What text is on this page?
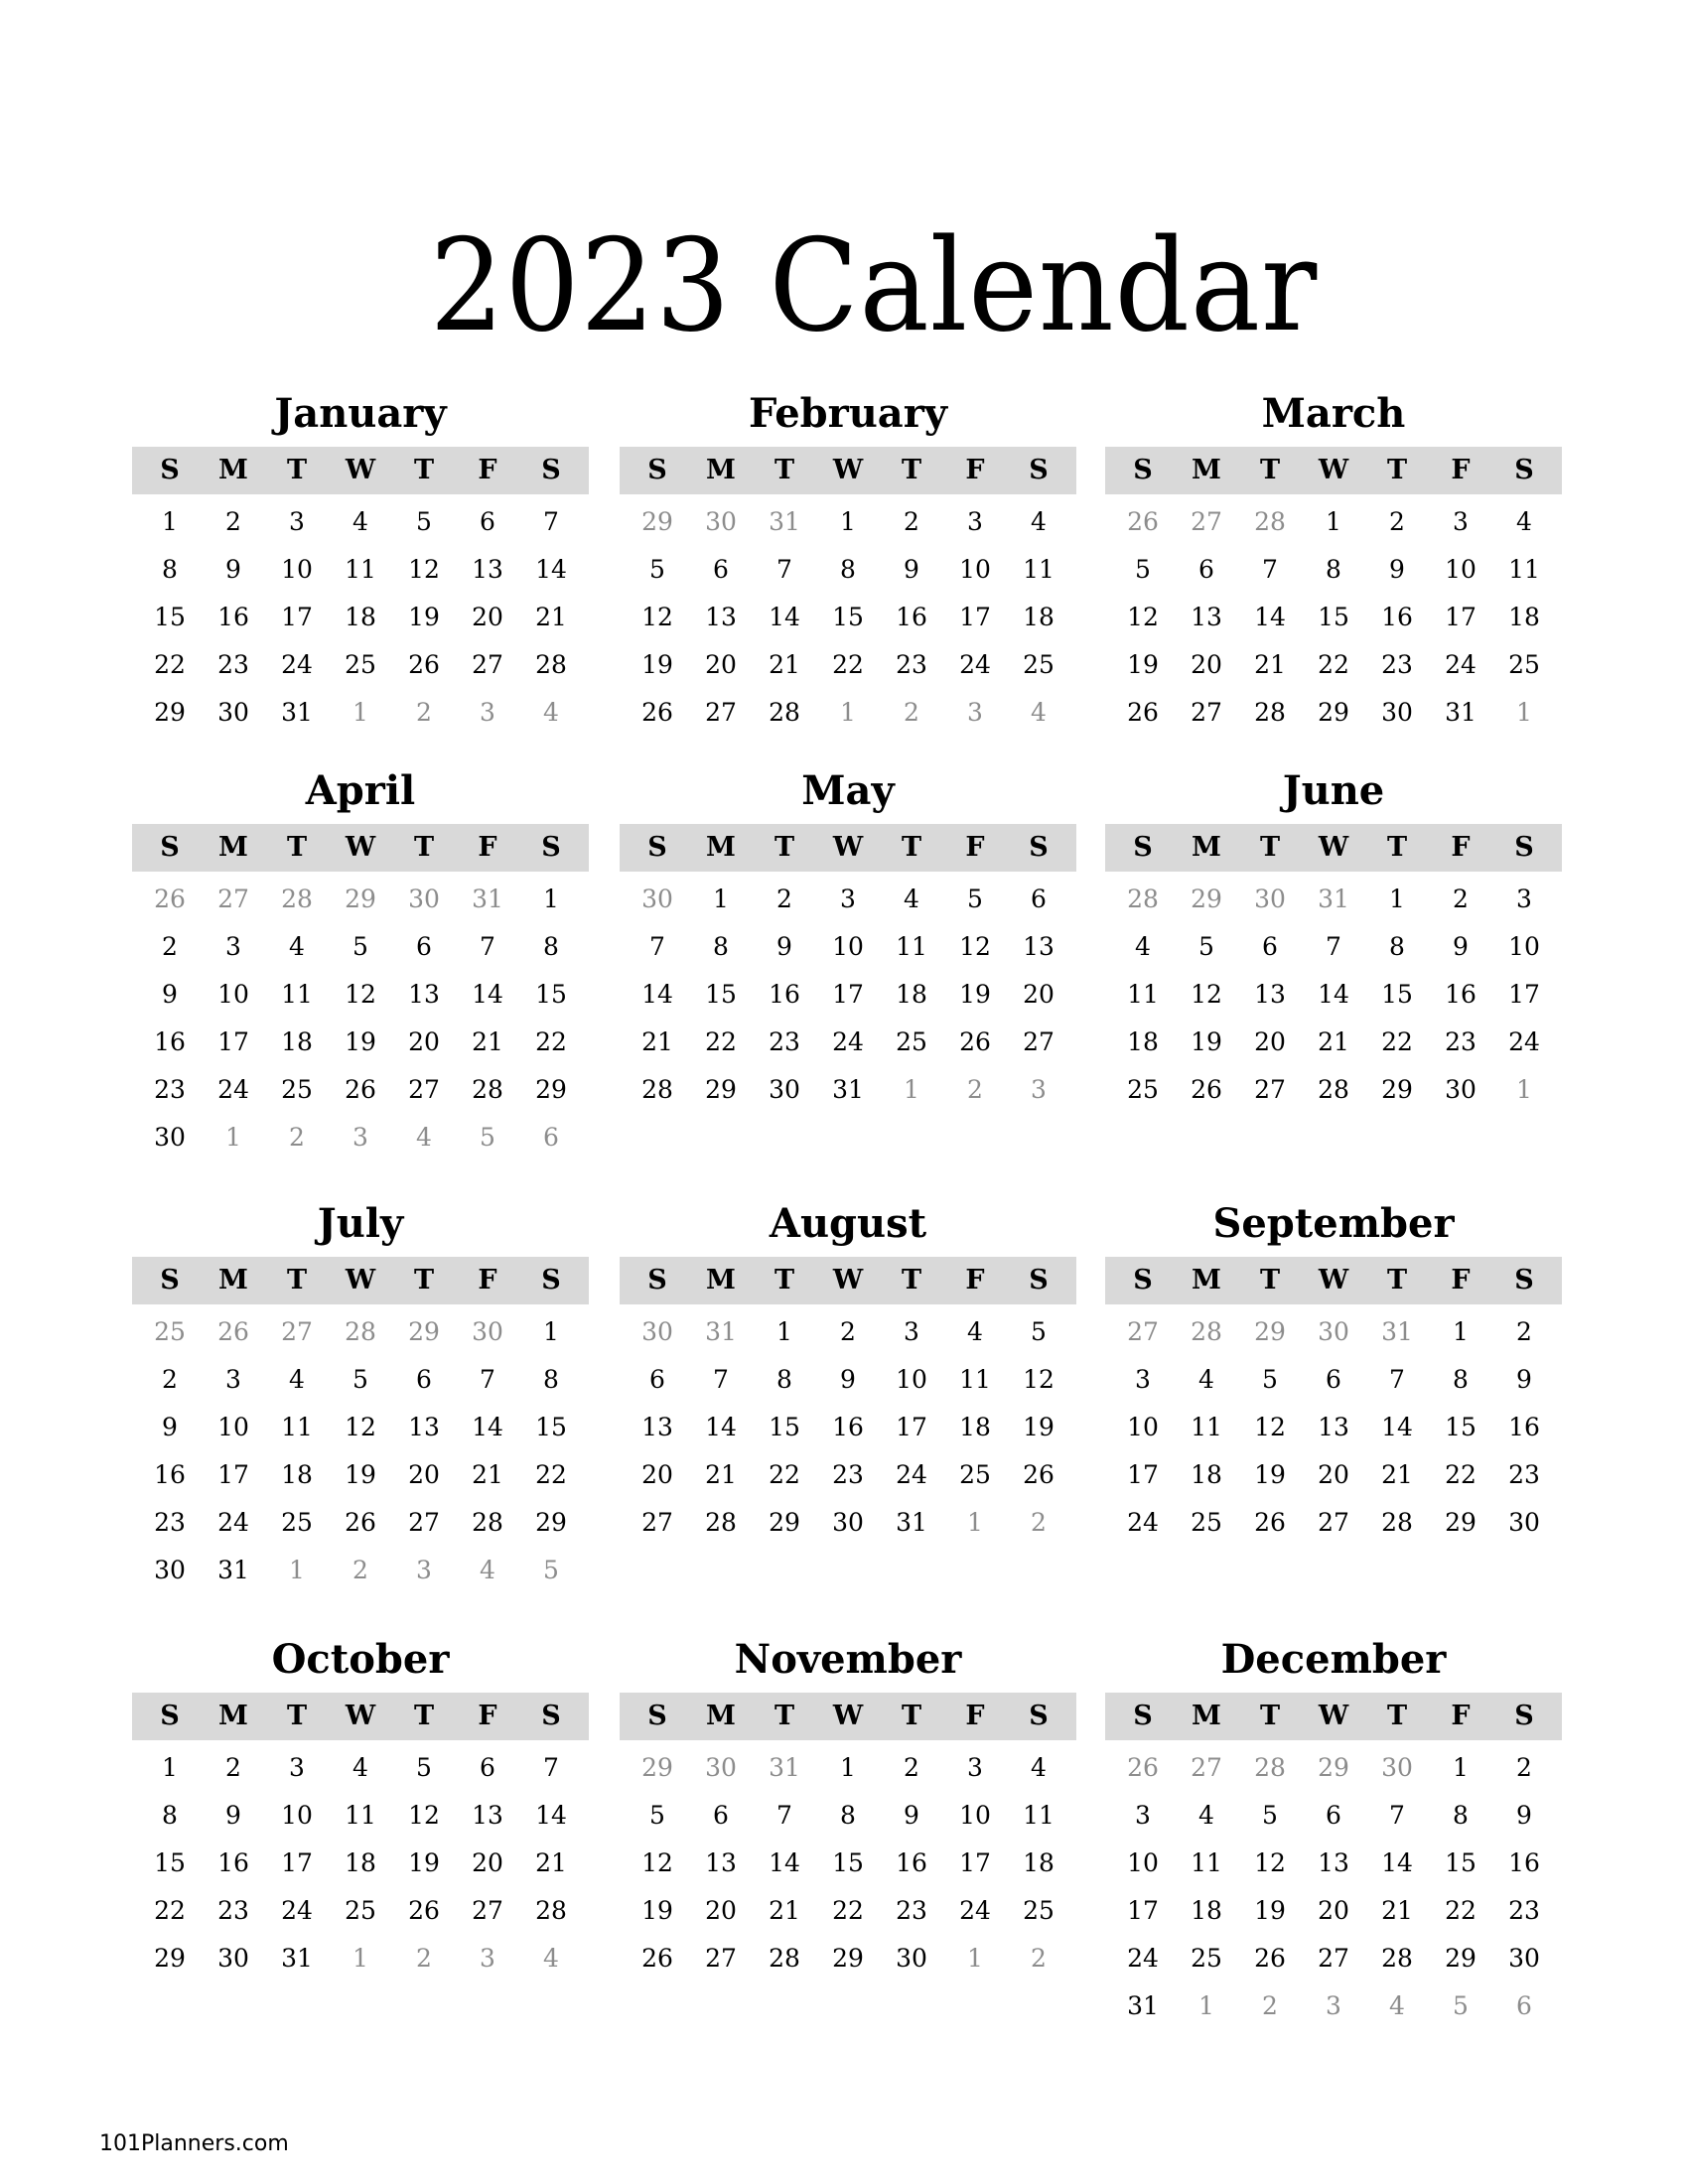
2023 Calendar
January
S	M	T	W	T	F	S
1	2	3	4	5	6	7
8	9	10	11	12	13	14
15	16	17	18	19	20	21
22	23	24	25	26	27	28
29	30	31	1	2	3	4
February
S	M	T	W	T	F	S
29	30	31	1	2	3	4
5	6	7	8	9	10	11
12	13	14	15	16	17	18
19	20	21	22	23	24	25
26	27	28	1	2	3	4
March
S	M	T	W	T	F	S
26	27	28	1	2	3	4
5	6	7	8	9	10	11
12	13	14	15	16	17	18
19	20	21	22	23	24	25
26	27	28	29	30	31	1
April
S	M	T	W	T	F	S
26	27	28	29	30	31	1
2	3	4	5	6	7	8
9	10	11	12	13	14	15
16	17	18	19	20	21	22
23	24	25	26	27	28	29
30	1	2	3	4	5	6
May
S	M	T	W	T	F	S
30	1	2	3	4	5	6
7	8	9	10	11	12	13
14	15	16	17	18	19	20
21	22	23	24	25	26	27
28	29	30	31	1	2	3
June
S	M	T	W	T	F	S
28	29	30	31	1	2	3
4	5	6	7	8	9	10
11	12	13	14	15	16	17
18	19	20	21	22	23	24
25	26	27	28	29	30	1
July
S	M	T	W	T	F	S
25	26	27	28	29	30	1
2	3	4	5	6	7	8
9	10	11	12	13	14	15
16	17	18	19	20	21	22
23	24	25	26	27	28	29
30	31	1	2	3	4	5
August
S	M	T	W	T	F	S
30	31	1	2	3	4	5
6	7	8	9	10	11	12
13	14	15	16	17	18	19
20	21	22	23	24	25	26
27	28	29	30	31	1	2
September
S	M	T	W	T	F	S
27	28	29	30	31	1	2
3	4	5	6	7	8	9
10	11	12	13	14	15	16
17	18	19	20	21	22	23
24	25	26	27	28	29	30
October
S	M	T	W	T	F	S
1	2	3	4	5	6	7
8	9	10	11	12	13	14
15	16	17	18	19	20	21
22	23	24	25	26	27	28
29	30	31	1	2	3	4
November
S	M	T	W	T	F	S
29	30	31	1	2	3	4
5	6	7	8	9	10	11
12	13	14	15	16	17	18
19	20	21	22	23	24	25
26	27	28	29	30	1	2
December
S	M	T	W	T	F	S
26	27	28	29	30	1	2
3	4	5	6	7	8	9
10	11	12	13	14	15	16
17	18	19	20	21	22	23
24	25	26	27	28	29	30
31	1	2	3	4	5	6
101Planners.com
